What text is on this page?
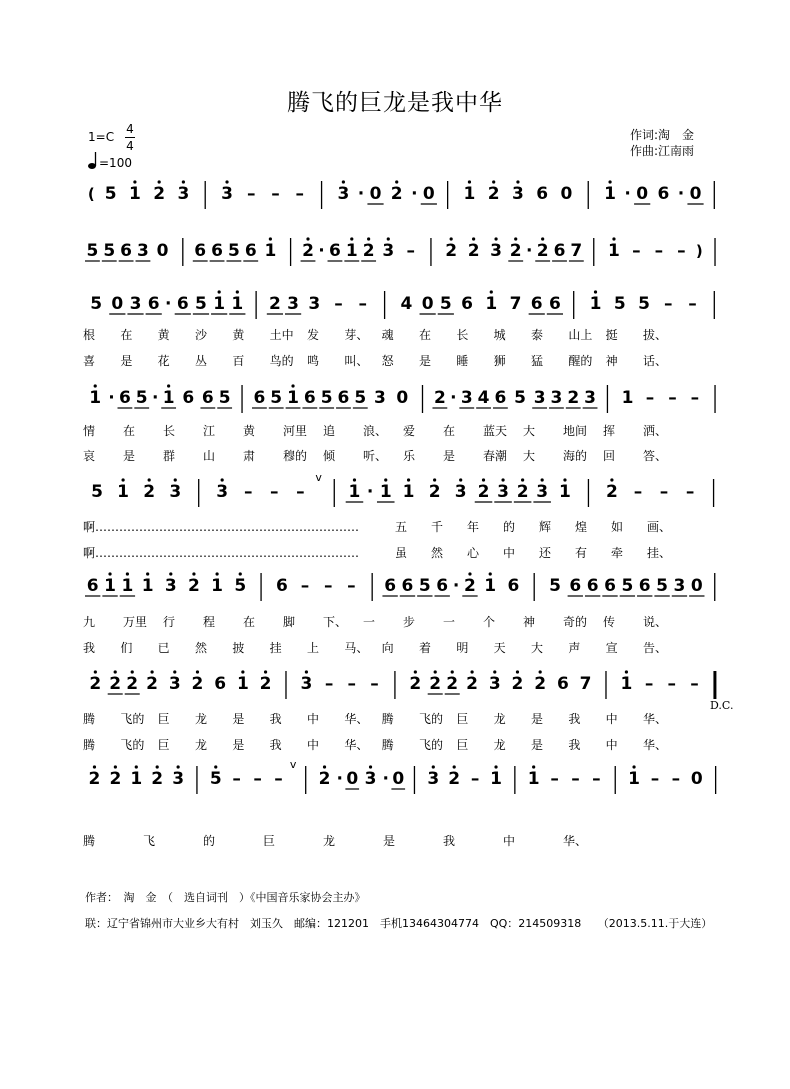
腾飞的巨龙是我中华
1=C
4
4
=100
作词:淘　金
作曲:江南雨
( 5 1 2 3 3 – – – 3 · 0 2 · 0 1 2 3 6 0 1 · 0 6 · 0
5 5 6 3 0 6 6 5 6 1 2 · 6 1 2 3 – 2 2 3 2 · 2 6 7 1 – – – )
5 0 3 6 · 6 5 1 1 2 3 3 – – 4 0 5 6 1 7 6 6 1 5 5 – –
1 · 6 5 · 1 6 6 5 6 5 1 6 5 6 5 3 0 2 · 3 4 6 5 3 3 2 3 1 – – –
5 1 2 3 3 – – –
v
1 · 1 1 2 3 2 3 2 3 1 2 – – –
6 1 1 1 3 2 1 5 6 – – – 6 6 5 6 · 2 1 6 5 6 6 6 5 6 5 3 0
2 2 2 2 3 2 6 1 2 3 – – – 2 2 2 2 3 2 2 6 7 1 – – –
2 2 1 2 3 5 – – –
v
2 · 0 3 · 0 3 2 – 1 1 – – – 1 – – 0
D.C.
根 在 黄 沙 黄 土中 发 芽、 魂 在 长 城 泰 山上 挺 拔、
喜 是 花 丛 百 鸟的 鸣 叫、 怒 是 睡 狮 猛 醒的 神 话、
情 在 长 江 黄 河里 追 浪、 爱 在 蓝天 大 地间 挥 洒、
哀 是 群 山 肃 穆的 倾 听、 乐 是 春潮 大 海的 回 答、
啊…………………………………………………………	五 千 年 的 辉 煌 如 画、
啊…………………………………………………………	虽 然 心 中 还 有 牵 挂、
九 万里 行 程 在 脚 下、 一 步 一 个 神 奇的 传 说、
我 们 已 然 披 挂 上 马、 向 着 明 天 大 声 宣 告、
腾 飞的 巨 龙 是 我 中 华、 腾 飞的 巨 龙 是 我 中 华、
腾 飞的 巨 龙 是 我 中 华、 腾 飞的 巨 龙 是 我 中 华、
腾	飞	的	巨	龙	是	我	中	华、
作者：　淘　金　（　选自词刊　）《中国音乐家协会主办》
联：辽宁省锦州市大业乡大有村　刘玉久　邮编：121201　手机13464304774　QQ：214509318　　（2013.5.11.于大连）
